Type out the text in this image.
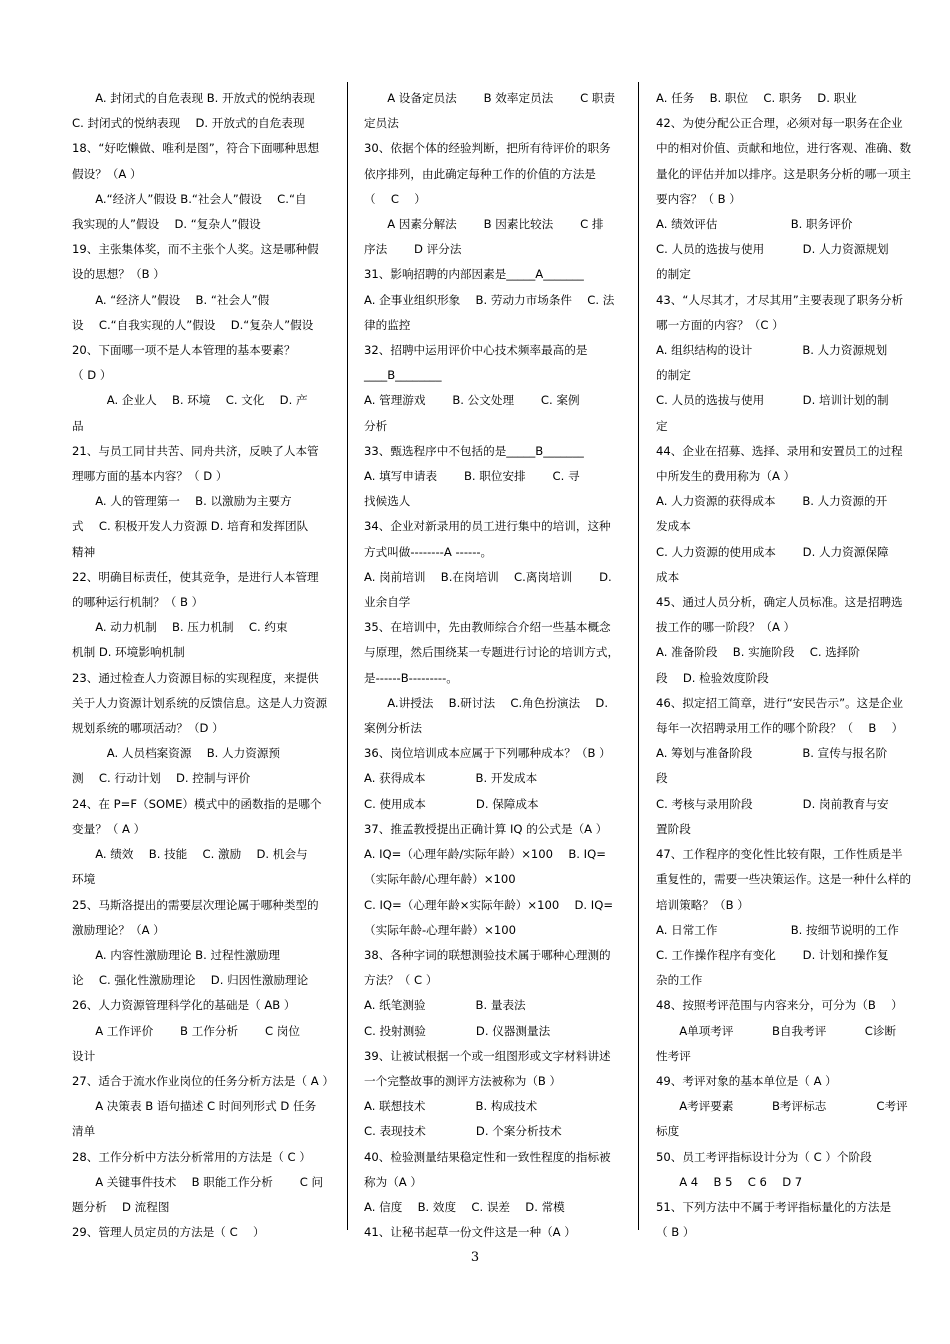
　　A. 封闭式的自危表现 B. 开放式的悦纳表现

C. 封闭式的悦纳表现 　D. 开放式的自危表现

18、“好吃懒做、唯利是图”，符合下面哪种思想

假设？（A ）

　　A.“经济人”假设 B.“社会人”假设 　C.“自

我实现的人”假设 　D. “复杂人”假设

19、主张集体奖，而不主张个人奖。这是哪种假

设的思想？（B ）

　　A. “经济人”假设 　B. “社会人”假

设 　C.“自我实现的人”假设 　D.“复杂人”假设

20、下面哪一项不是人本管理的基本要素？

（ D ）

　　　A. 企业人 　B. 环境 　C. 文化 　D. 产

品

21、与员工同甘共苦、同舟共济，反映了人本管

理哪方面的基本内容？（ D ）

　　A. 人的管理第一 　B. 以激励为主要方

式 　C. 积极开发人力资源 D. 培育和发挥团队

精神

22、明确目标责任，使其竞争，是进行人本管理

的哪种运行机制？（ B ）

　　A. 动力机制 　B. 压力机制 　C. 约束

机制 D. 环境影响机制

23、通过检查人力资源目标的实现程度，来提供

关于人力资源计划系统的反馈信息。这是人力资源

规划系统的哪项活动？（D ）

　　　A. 人员档案资源 　B. 人力资源预

测 　C. 行动计划 　D. 控制与评价

24、在 P=F（SOME）模式中的函数指的是哪个

变量？（ A ）

　　A. 绩效 　B. 技能 　C. 激励 　D. 机会与

环境

25、马斯洛提出的需要层次理论属于哪种类型的

激励理论？（A ）

　　A. 内容性激励理论 B. 过程性激励理

论 　C. 强化性激励理论 　D. 归因性激励理论

26、人力资源管理科学化的基础是（ AB ）

　　A 工作评价 　　B 工作分析 　　C 岗位

设计

27、适合于流水作业岗位的任务分析方法是（ A ）

　　A 决策表 B 语句描述 C 时间列形式 D 任务

清单

28、工作分析中方法分析常用的方法是（ C ）

　　A 关键事件技术 　B 职能工作分析 　　C 问

题分析 　D 流程图

29、管理人员定员的方法是（ C 　）

　　A 设备定员法 　　B 效率定员法 　　C 职责

定员法

30、依据个体的经验判断，把所有待评价的职务

依序排列，由此确定每种工作的价值的方法是

（ 　C 　）

　　A 因素分解法 　　B 因素比较法 　　C 排

序法 　　D 评分法

31、影响招聘的内部因素是_____A_______

A. 企事业组织形象 　B. 劳动力市场条件 　C. 法

律的监控

32、招聘中运用评价中心技术频率最高的是

____B________

A. 管理游戏 　　B. 公文处理 　　C. 案例

分析

33、甄选程序中不包括的是_____B_______

A. 填写申请表 　　B. 职位安排 　　C. 寻

找候选人

34、企业对新录用的员工进行集中的培训，这种

方式叫做--------A ------。

A. 岗前培训 　B.在岗培训 　C.离岗培训 　　D.

业余自学

35、在培训中，先由教师综合介绍一些基本概念

与原理，然后围绕某一专题进行讨论的培训方式，

是------B---------。

　　A.讲授法 　B.研讨法 　C.角色扮演法 　D.

案例分析法

36、岗位培训成本应属于下列哪种成本？（B ）

A. 获得成本 　　　　B. 开发成本

C. 使用成本 　　　　D. 保障成本

37、推孟教授提出正确计算 IQ 的公式是（A ）

A. IQ=（心理年龄/实际年龄）×100 　B. IQ=

（实际年龄/心理年龄）×100

C. IQ=（心理年龄×实际年龄）×100 　D. IQ=

（实际年龄-心理年龄）×100

38、各种字词的联想测验技术属于哪种心理测的

方法？（ C ）

A. 纸笔测验 　　　　B. 量表法

C. 投射测验 　　　　D. 仪器测量法

39、让被试根据一个或一组图形或文字材料讲述

一个完整故事的测评方法被称为（B ）

A. 联想技术 　　　　B. 构成技术

C. 表现技术 　　　　D. 个案分析技术

40、检验测量结果稳定性和一致性程度的指标被

称为（A ）

A. 信度 　B. 效度 　C. 误差 　D. 常模

41、让秘书起草一份文件这是一种（A ）

A. 任务 　B. 职位 　C. 职务 　D. 职业

42、为使分配公正合理，必须对每一职务在企业

中的相对价值、贡献和地位，进行客观、准确、数

量化的评估并加以排序。这是职务分析的哪一项主

要内容？（ B ）

A. 绩效评估 　　　　　　B. 职务评价

C. 人员的选拔与使用 　　　D. 人力资源规划

的制定

43、“人尽其才，才尽其用”主要表现了职务分析

哪一方面的内容？（C ）

A. 组织结构的设计 　　　　B. 人力资源规划

的制定

C. 人员的选拔与使用 　　　D. 培训计划的制

定

44、企业在招募、选择、录用和安置员工的过程

中所发生的费用称为（A ）

A. 人力资源的获得成本 　　B. 人力资源的开

发成本

C. 人力资源的使用成本 　　D. 人力资源保障

成本

45、通过人员分析，确定人员标准。这是招聘选

拔工作的哪一阶段？（A ）

A. 准备阶段 　B. 实施阶段 　C. 选择阶

段 　D. 检验效度阶段

46、拟定招工简章，进行“安民告示”。这是企业

每年一次招聘录用工作的哪个阶段？（ 　B 　）

A. 筹划与准备阶段 　　　　B. 宣传与报名阶

段

C. 考核与录用阶段 　　　　D. 岗前教育与安

置阶段

47、工作程序的变化性比较有限，工作性质是半

重复性的，需要一些决策运作。这是一种什么样的

培训策略？（B ）

A. 日常工作 　　　　　　B. 按细节说明的工作

C. 工作操作程序有变化 　　D. 计划和操作复

杂的工作

48、按照考评范围与内容来分，可分为（B 　）

　　A单项考评 　　　B自我考评 　　　C诊断

性考评

49、考评对象的基本单位是（ A ）

　　A考评要素 　　　B考评标志 　　　　C考评

标度

50、员工考评指标设计分为（ C ）个阶段

　　A 4 　B 5 　C 6 　D 7

51、下列方法中不属于考评指标量化的方法是

（ B ）

3
